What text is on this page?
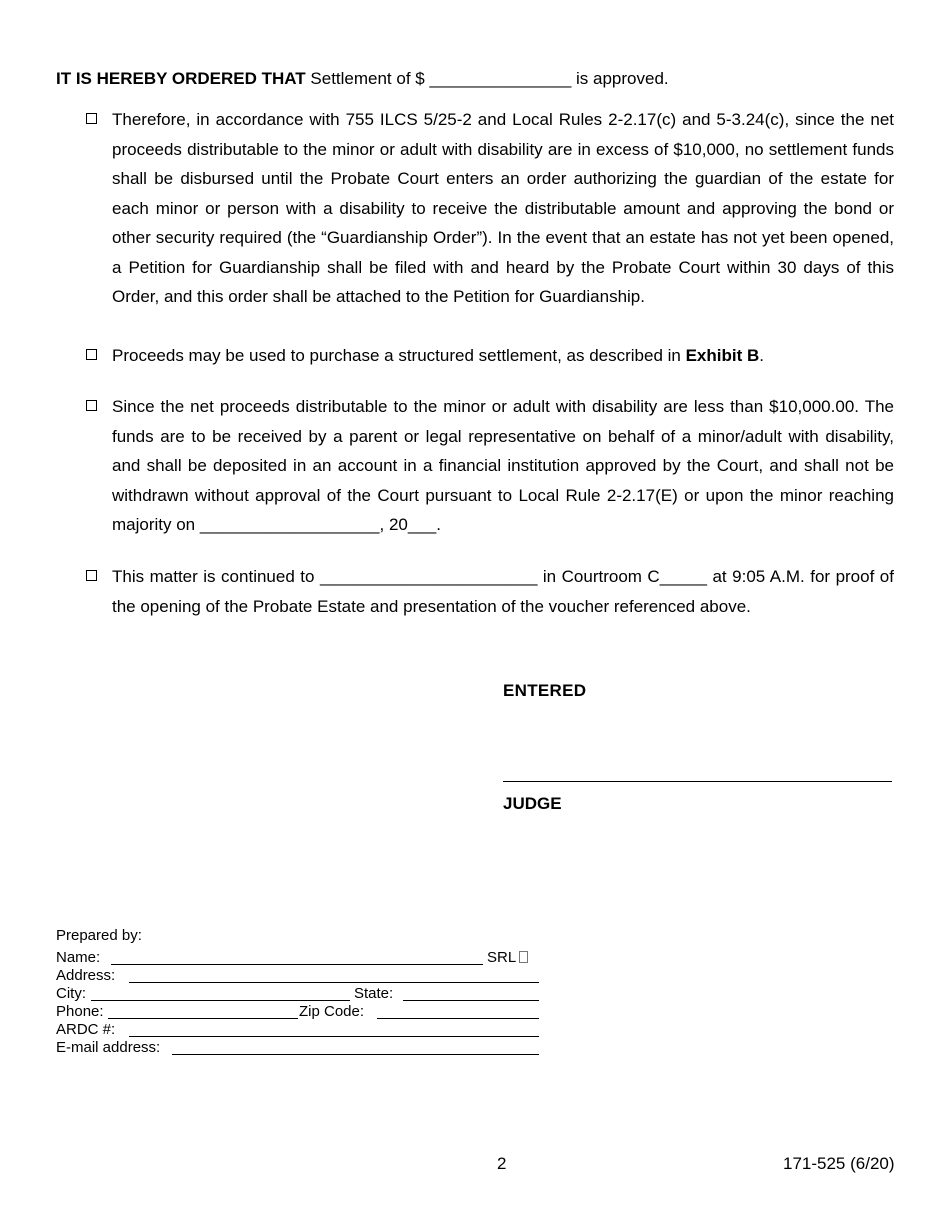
IT IS HEREBY ORDERED THAT Settlement of $ _______________ is approved.
Therefore, in accordance with 755 ILCS 5/25-2 and Local Rules 2-2.17(c) and 5-3.24(c), since the net proceeds distributable to the minor or adult with disability are in excess of $10,000, no settlement funds shall be disbursed until the Probate Court enters an order authorizing the guardian of the estate for each minor or person with a disability to receive the distributable amount and approving the bond or other security required (the “Guardianship Order”). In the event that an estate has not yet been opened, a Petition for Guardianship shall be filed with and heard by the Probate Court within 30 days of this Order, and this order shall be attached to the Petition for Guardianship.
Proceeds may be used to purchase a structured settlement, as described in Exhibit B.
Since the net proceeds distributable to the minor or adult with disability are less than $10,000.00. The funds are to be received by a parent or legal representative on behalf of a minor/adult with disability, and shall be deposited in an account in a financial institution approved by the Court, and shall not be withdrawn without approval of the Court pursuant to Local Rule 2-2.17(E) or upon the minor reaching majority on ___________________, 20___.
This matter is continued to _______________________ in Courtroom C_____ at 9:05 A.M. for proof of the opening of the Probate Estate and presentation of the voucher referenced above.
ENTERED
JUDGE
Prepared by:
Name:	SRL
Address:
City:	State:
Phone:	Zip Code:
ARDC #:
E-mail address:
2	171-525 (6/20)
